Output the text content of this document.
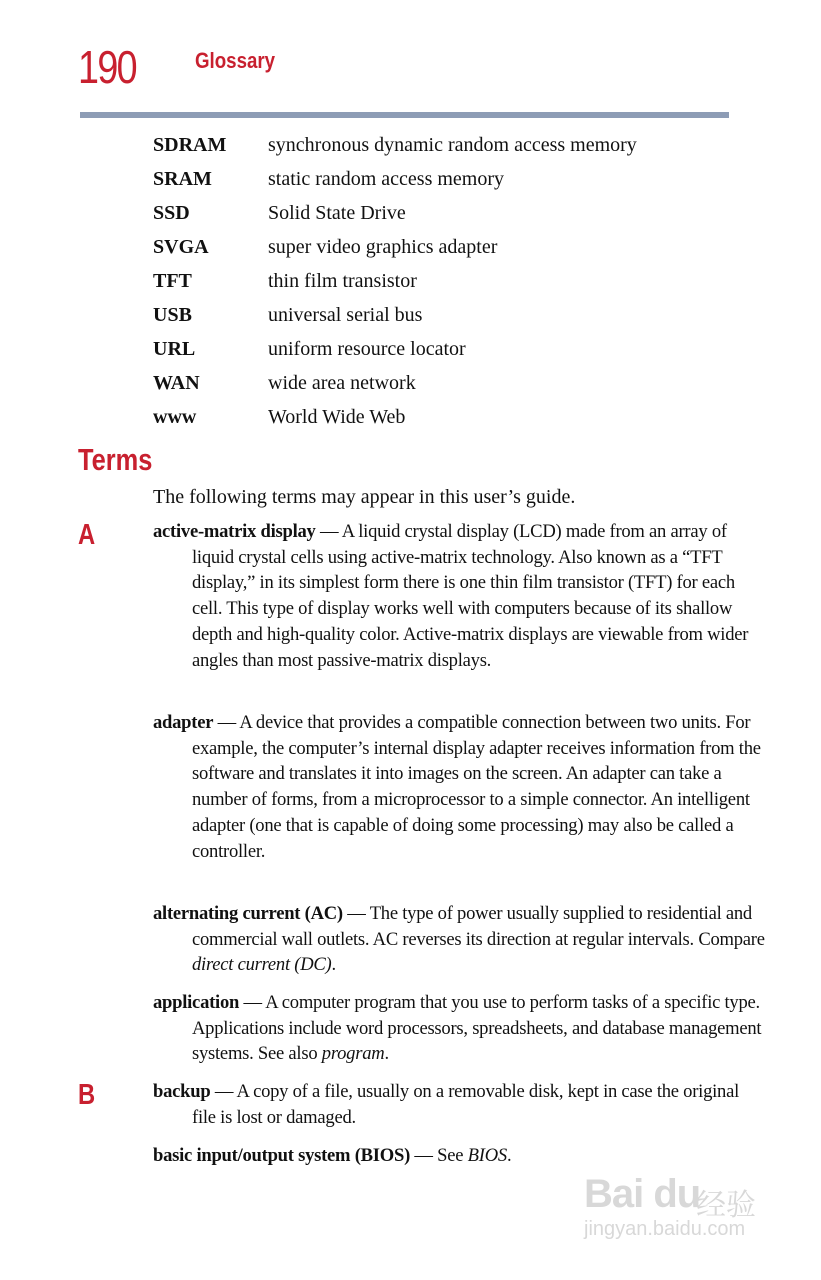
190	Glossary
SDRAM	synchronous dynamic random access memory
SRAM	static random access memory
SSD	Solid State Drive
SVGA	super video graphics adapter
TFT	thin film transistor
USB	universal serial bus
URL	uniform resource locator
WAN	wide area network
www	World Wide Web
Terms
The following terms may appear in this user’s guide.
A	active-matrix display — A liquid crystal display (LCD) made from an array of liquid crystal cells using active-matrix technology. Also known as a “TFT display,” in its simplest form there is one thin film transistor (TFT) for each cell. This type of display works well with computers because of its shallow depth and high-quality color. Active-matrix displays are viewable from wider angles than most passive-matrix displays.
adapter — A device that provides a compatible connection between two units. For example, the computer’s internal display adapter receives information from the software and translates it into images on the screen. An adapter can take a number of forms, from a microprocessor to a simple connector. An intelligent adapter (one that is capable of doing some processing) may also be called a controller.
alternating current (AC) — The type of power usually supplied to residential and commercial wall outlets. AC reverses its direction at regular intervals. Compare direct current (DC).
application — A computer program that you use to perform tasks of a specific type. Applications include word processors, spreadsheets, and database management systems. See also program.
B	backup — A copy of a file, usually on a removable disk, kept in case the original file is lost or damaged.
basic input/output system (BIOS) — See BIOS.
Bai du
经验
jingyan.baidu.com
